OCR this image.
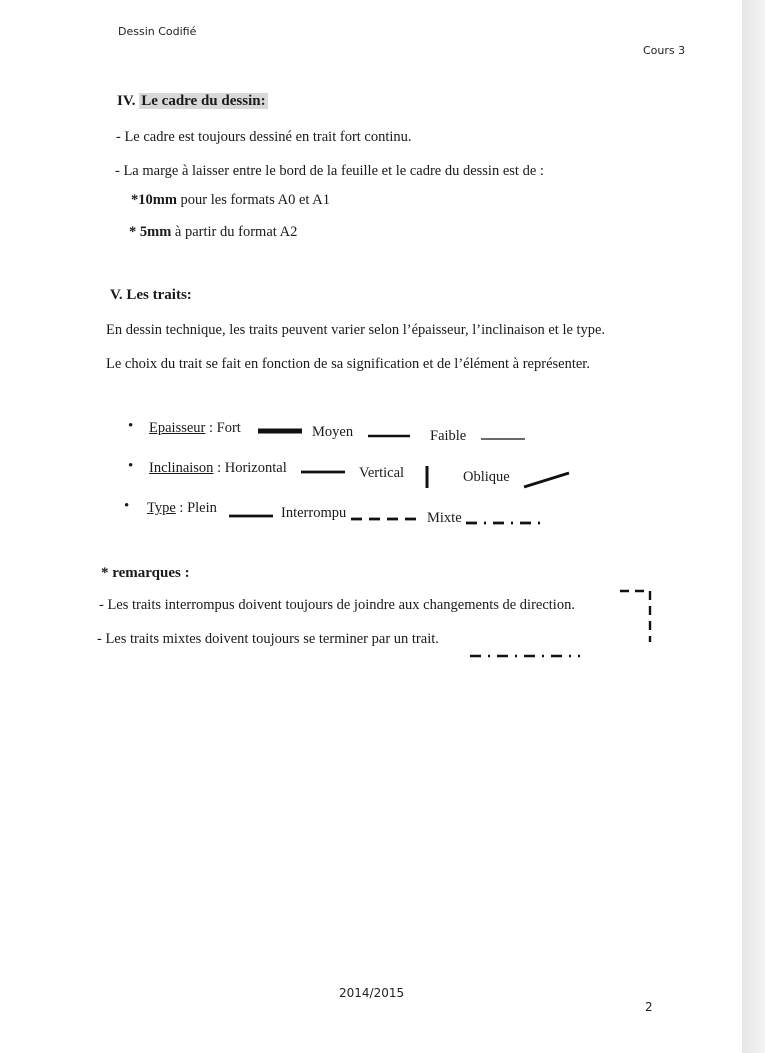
Dessin Codifié
Cours 3
IV. Le cadre du dessin:
- Le cadre est toujours dessiné en trait fort continu.
- La marge à laisser entre le bord de la feuille et le cadre du dessin est de :
*10mm pour les formats A0 et A1
* 5mm à partir du format A2
V. Les traits:
En dessin technique, les traits peuvent varier selon l’épaisseur, l’inclinaison et le type.
Le choix du trait se fait en fonction de sa signification et de l’élément à représenter.
• Epaisseur : Fort	Moyen	Faible
• Inclinaison : Horizontal	Vertical	Oblique
• Type : Plein	Interrompu	Mixte
* remarques :
- Les traits interrompus doivent toujours de joindre aux changements de direction.
- Les traits mixtes doivent toujours se terminer par un trait.
2014/2015
2
